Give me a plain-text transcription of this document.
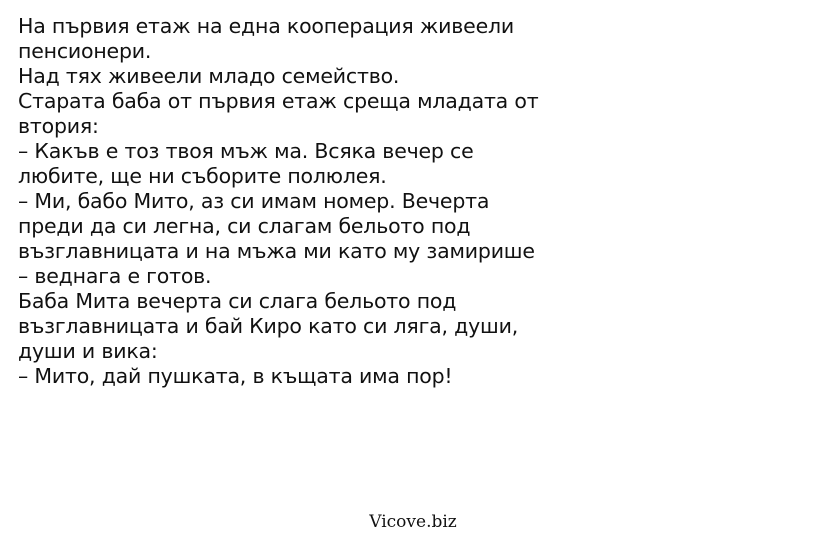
На първия етаж на една кооперация живеели
пенсионери.
Над тях живеели младо семейство.
Старата баба от първия етаж среща младата от
втория:
– Какъв е тоз твоя мъж ма. Всяка вечер се
любите, ще ни съборите полюлея.
– Ми, бабо Мито, аз си имам номер. Вечерта
преди да си легна, си слагам бельото под
възглавницата и на мъжа ми като му замирише
– веднага е готов.
Баба Мита вечерта си слага бельото под
възглавницата и бай Киро като си ляга, души,
души и вика:
– Мито, дай пушката, в къщата има пор!
Vicove.biz
